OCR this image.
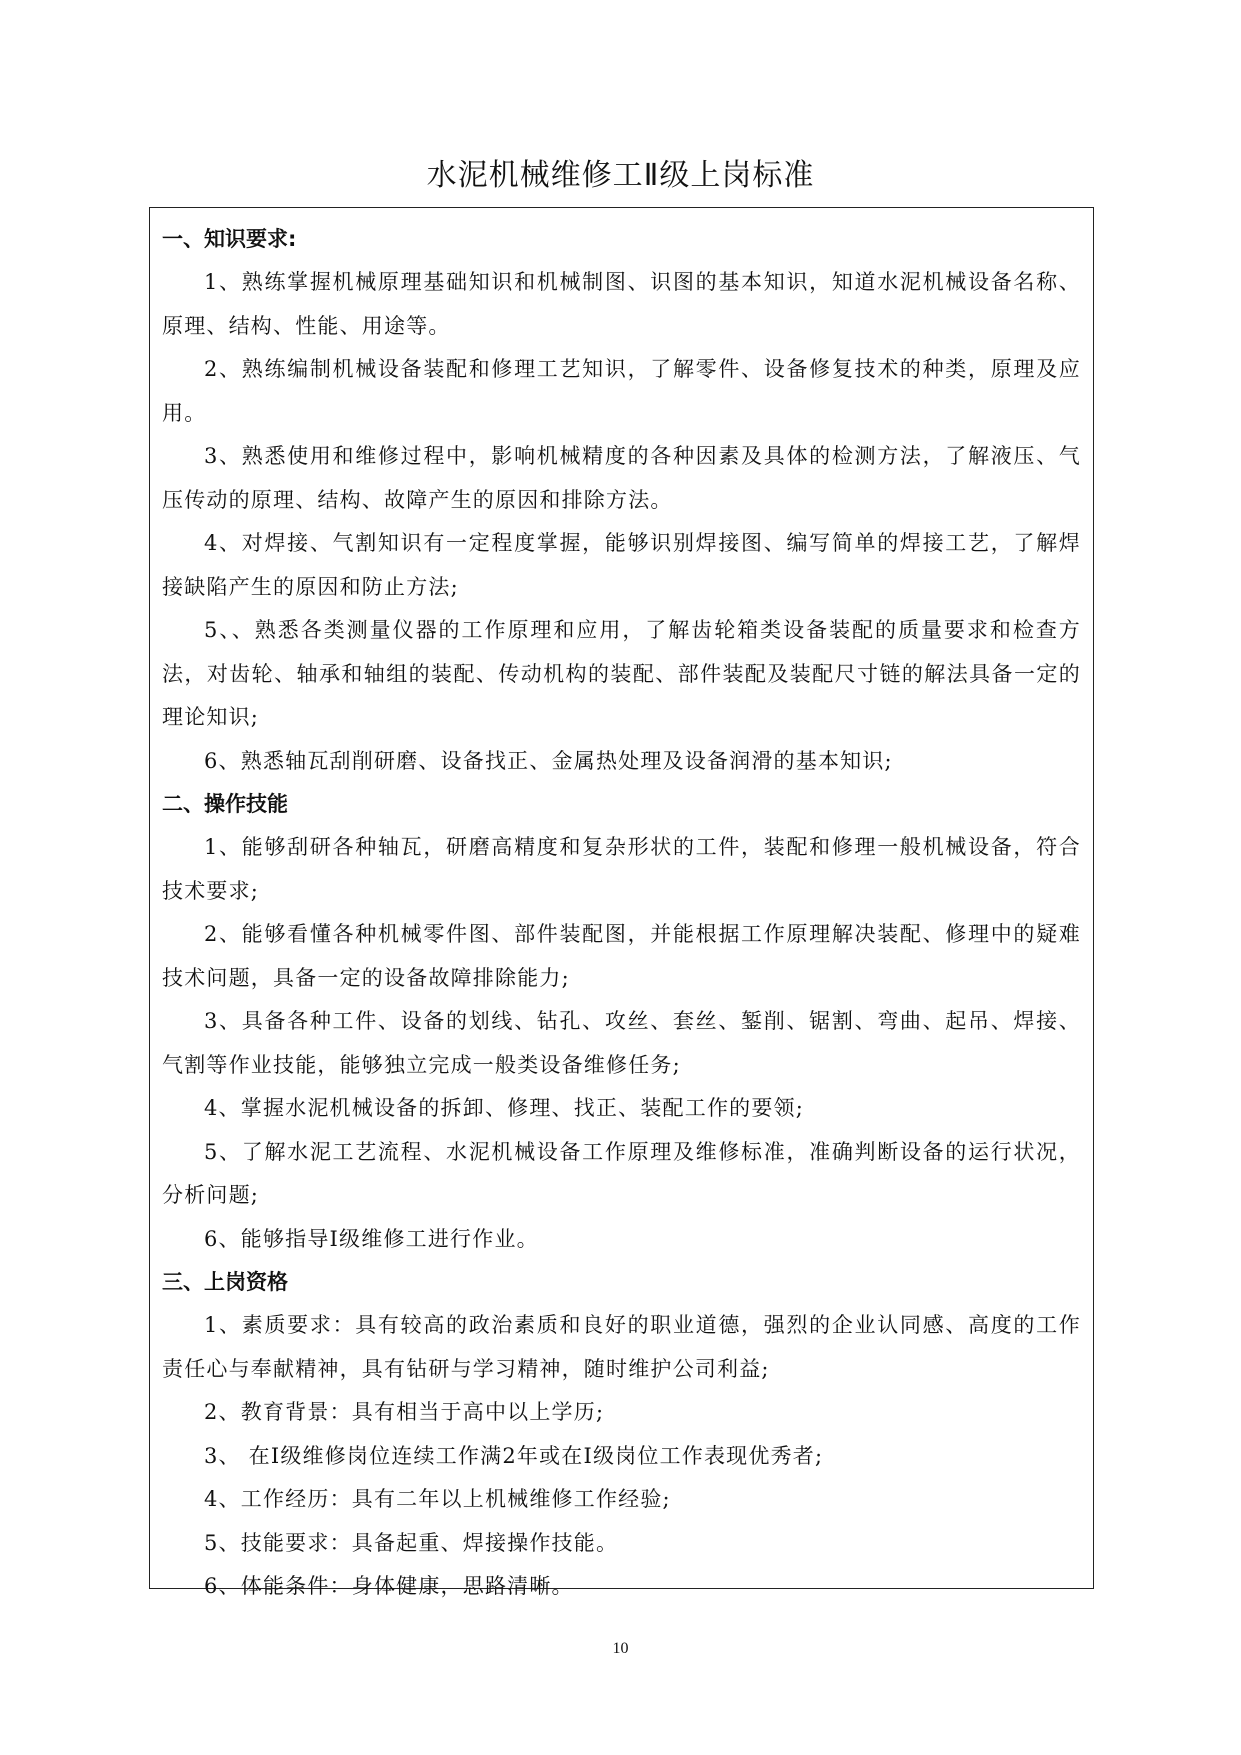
水泥机械维修工Ⅱ级上岗标准
一、知识要求:

1、熟练掌握机械原理基础知识和机械制图、识图的基本知识，知道水泥机械设备名称、原理、结构、性能、用途等。

2、熟练编制机械设备装配和修理工艺知识，了解零件、设备修复技术的种类，原理及应用。

3、熟悉使用和维修过程中，影响机械精度的各种因素及具体的检测方法，了解液压、气压传动的原理、结构、故障产生的原因和排除方法。

4、对焊接、气割知识有一定程度掌握，能够识别焊接图、编写简单的焊接工艺，了解焊接缺陷产生的原因和防止方法;

5、、熟悉各类测量仪器的工作原理和应用，了解齿轮箱类设备装配的质量要求和检查方法，对齿轮、轴承和轴组的装配、传动机构的装配、部件装配及装配尺寸链的解法具备一定的理论知识;

6、熟悉轴瓦刮削研磨、设备找正、金属热处理及设备润滑的基本知识;

二、操作技能

1、能够刮研各种轴瓦，研磨高精度和复杂形状的工件，装配和修理一般机械设备，符合技术要求;

2、能够看懂各种机械零件图、部件装配图，并能根据工作原理解决装配、修理中的疑难技术问题，具备一定的设备故障排除能力;

3、具备各种工件、设备的划线、钻孔、攻丝、套丝、錾削、锯割、弯曲、起吊、焊接、气割等作业技能，能够独立完成一般类设备维修任务;

4、掌握水泥机械设备的拆卸、修理、找正、装配工作的要领;

5、了解水泥工艺流程、水泥机械设备工作原理及维修标准，准确判断设备的运行状况，分析问题;

6、能够指导Ⅰ级维修工进行作业。

三、上岗资格

1、素质要求：具有较高的政治素质和良好的职业道德，强烈的企业认同感、高度的工作责任心与奉献精神，具有钻研与学习精神，随时维护公司利益;

2、教育背景：具有相当于高中以上学历;

3、 在Ⅰ级维修岗位连续工作满2年或在Ⅰ级岗位工作表现优秀者;

4、工作经历：具有二年以上机械维修工作经验;

5、技能要求：具备起重、焊接操作技能。

6、体能条件：身体健康，思路清晰。

10
